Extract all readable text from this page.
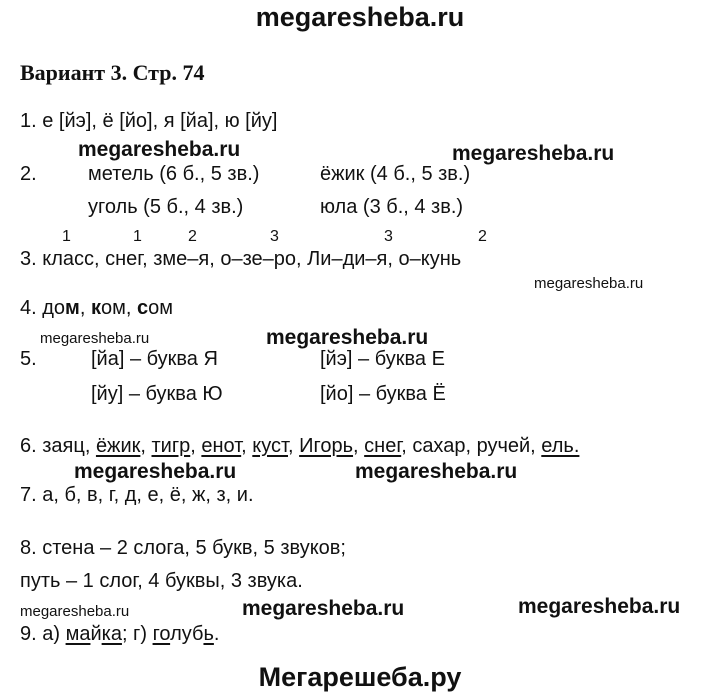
megaresheba.ru
Вариант 3. Стр. 74
1. е [йэ], ё [йо], я [йа], ю [йу]
megaresheba.ru	megaresheba.ru
2.	метель (6 б., 5 зв.)	ёжик (4 б., 5 зв.)
уголь (5 б., 4 зв.)	юла (3 б., 4 зв.)
1	1	2	3	3	2
3. класс, снег, зме–я, о–зе–ро, Ли–ди–я, о–кунь
megaresheba.ru
4. дом, ком, сом
megaresheba.ru	megaresheba.ru
5.	[йа] – буква Я	[йэ] – буква Е
[йу] – буква Ю	[йо] – буква Ё
6. заяц, ёжик, тигр, енот, куст, Игорь, снег, сахар, ручей, ель.
megaresheba.ru	megaresheba.ru
7. а, б, в, г, д, е, ё, ж, з, и.
8. стена – 2 слога, 5 букв, 5 звуков;
путь – 1 слог, 4 буквы, 3 звука.
megaresheba.ru	megaresheba.ru	megaresheba.ru
9. а) майка; г) голубь.
Мегарешеба.ру
